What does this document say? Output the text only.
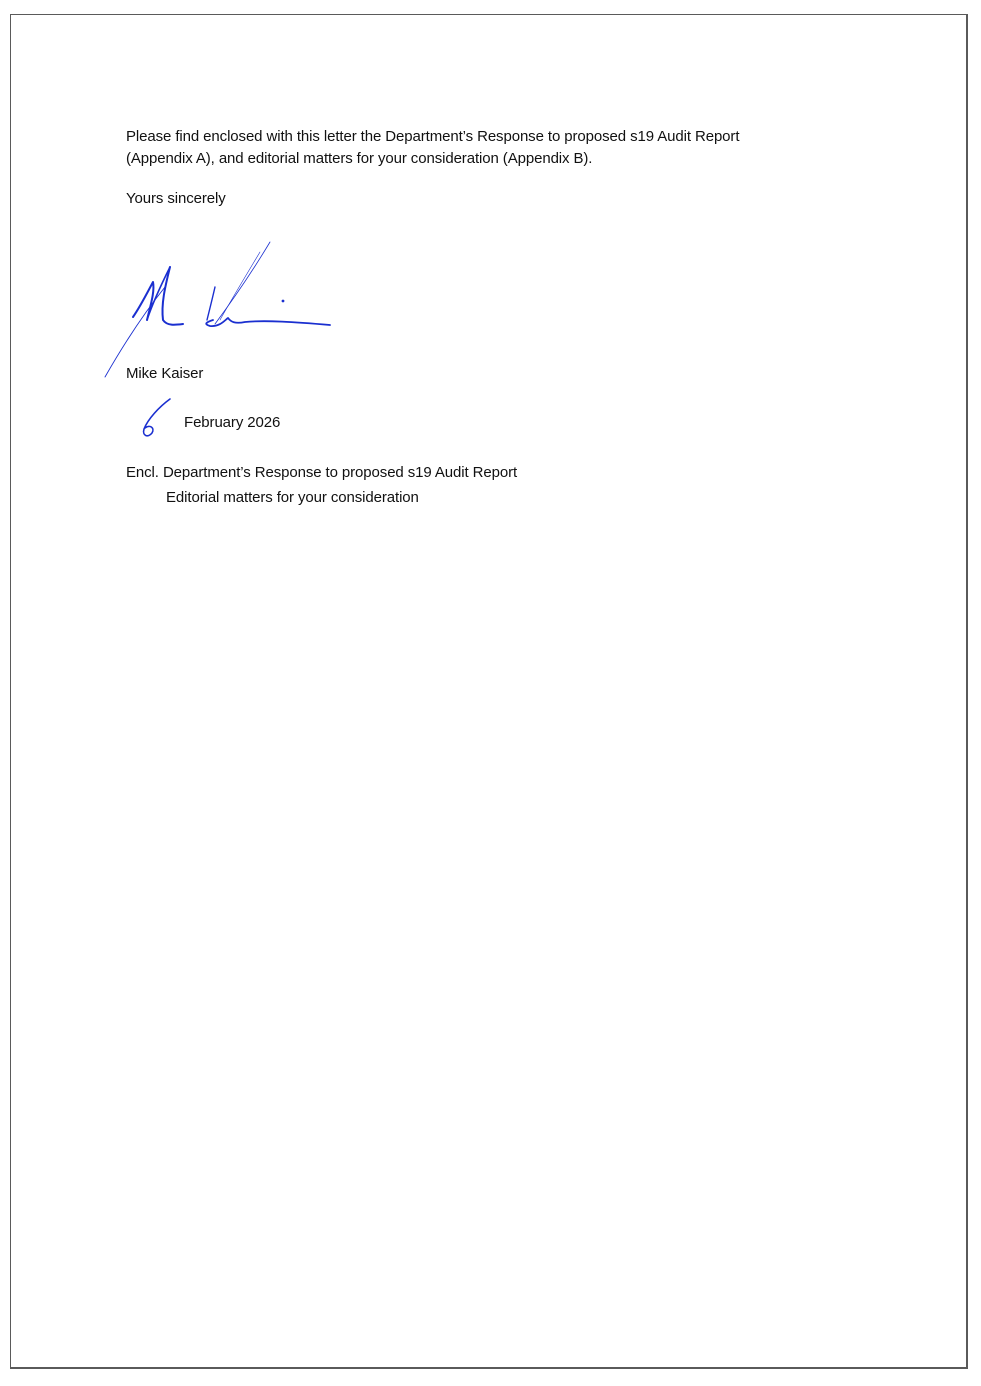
Please find enclosed with this letter the Department’s Response to proposed s19 Audit Report
(Appendix A), and editorial matters for your consideration (Appendix B).
Yours sincerely
Mike Kaiser
February 2026
Encl. Department’s Response to proposed s19 Audit Report
Editorial matters for your consideration
